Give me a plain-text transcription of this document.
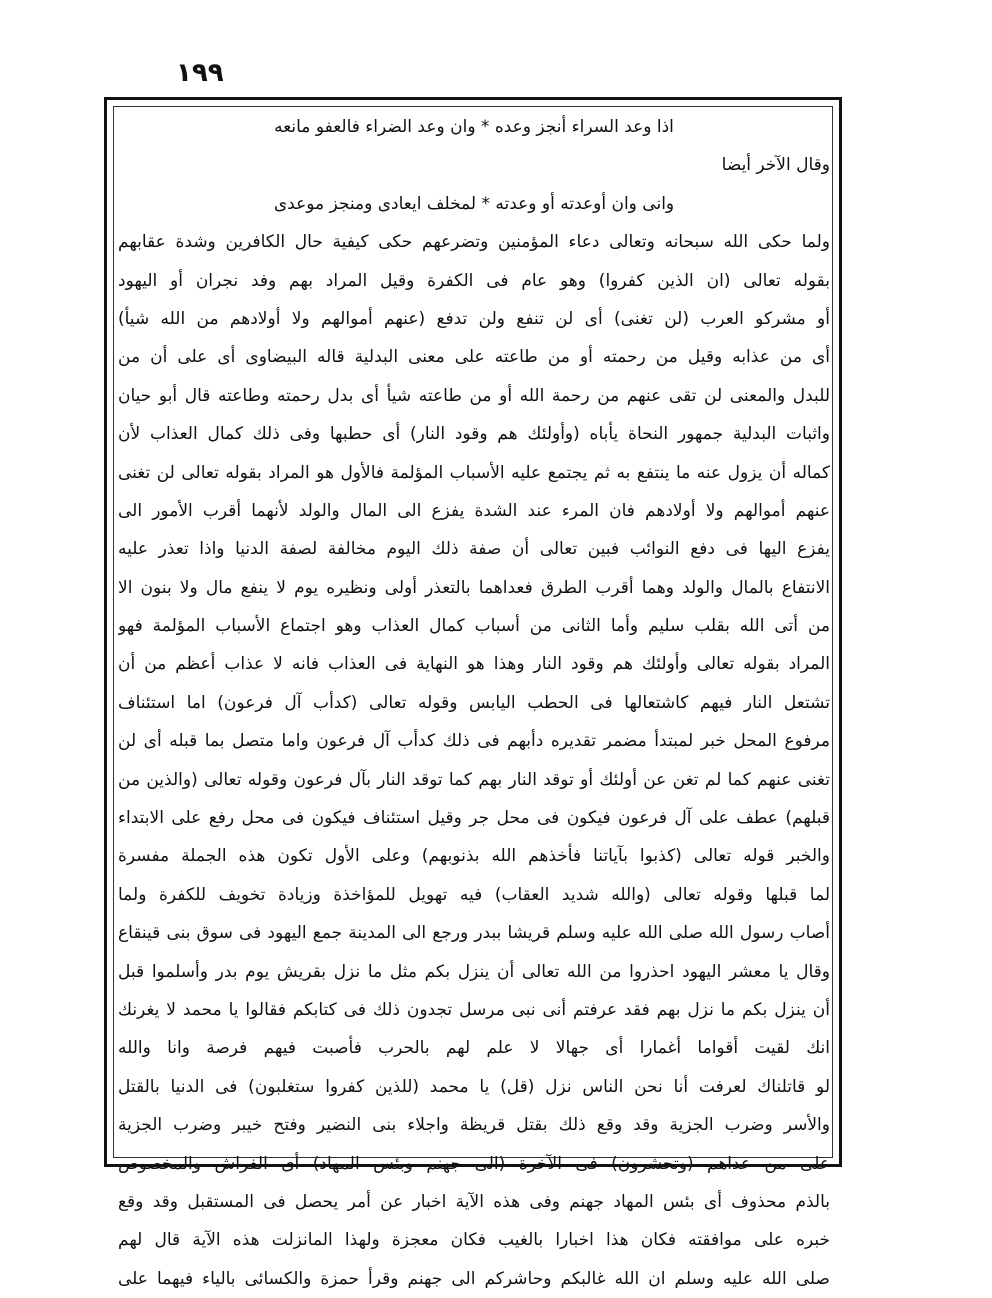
١٩٩
اذا وعد السراء أنجز وعده * وان وعد الضراء فالعفو مانعه
وقال الآخر أيضا
وانى وان أوعدته أو وعدته * لمخلف ايعادى ومنجز موعدى
ولما حكى الله سبحانه وتعالى دعاء المؤمنين وتضرعهم حكى كيفية حال الكافرين وشدة عقابهم
بقوله تعالى (ان الذين كفروا) وهو عام فى الكفرة وقيل المراد بهم وفد نجران أو اليهود
أو مشركو العرب (لن تغنى) أى لن تنفع ولن تدفع (عنهم أموالهم ولا أولادهم من الله شيأ)
أى من عذابه وقيل من رحمته أو من طاعته على معنى البدلية قاله البيضاوى أى على أن من
للبدل والمعنى لن تقى عنهم من رحمة الله أو من طاعته شيأ أى بدل رحمته وطاعته قال أبو حيان
واثبات البدلية جمهور النحاة يأباه (وأولئك هم وقود النار) أى حطبها وفى ذلك كمال العذاب لأن
كماله أن يزول عنه ما ينتفع به ثم يجتمع عليه الأسباب المؤلمة فالأول هو المراد بقوله تعالى لن تغنى
عنهم أموالهم ولا أولادهم فان المرء عند الشدة يفزع الى المال والولد لأنهما أقرب الأمور الى
يفزع اليها فى دفع النوائب فبين تعالى أن صفة ذلك اليوم مخالفة لصفة الدنيا واذا تعذر عليه
الانتفاع بالمال والولد وهما أقرب الطرق فعداهما بالتعذر أولى ونظيره يوم لا ينفع مال ولا بنون الا
من أتى الله بقلب سليم وأما الثانى من أسباب كمال العذاب وهو اجتماع الأسباب المؤلمة فهو
المراد بقوله تعالى وأولئك هم وقود النار وهذا هو النهاية فى العذاب فانه لا عذاب أعظم من أن
تشتعل النار فيهم كاشتعالها فى الحطب اليابس وقوله تعالى (كدأب آل فرعون) اما استئناف
مرفوع المحل خبر لمبتدأ مضمر تقديره دأبهم فى ذلك كدأب آل فرعون واما متصل بما قبله أى لن
تغنى عنهم كما لم تغن عن أولئك أو توقد النار بهم كما توقد النار بآل فرعون وقوله تعالى (والذين من
قبلهم) عطف على آل فرعون فيكون فى محل جر وقيل استئناف فيكون فى محل رفع على الابتداء
والخبر قوله تعالى (كذبوا بآياتنا فأخذهم الله بذنوبهم) وعلى الأول تكون هذه الجملة مفسرة
لما قبلها وقوله تعالى (والله شديد العقاب) فيه تهويل للمؤاخذة وزيادة تخويف للكفرة ولما
أصاب رسول الله صلى الله عليه وسلم قريشا ببدر ورجع الى المدينة جمع اليهود فى سوق بنى قينقاع
وقال يا معشر اليهود احذروا من الله تعالى أن ينزل بكم مثل ما نزل بقريش يوم بدر وأسلموا قبل
أن ينزل بكم ما نزل بهم فقد عرفتم أنى نبى مرسل تجدون ذلك فى كتابكم فقالوا يا محمد لا يغرنك
انك لقيت أقواما أغمارا أى جهالا لا علم لهم بالحرب فأصبت فيهم فرصة وانا والله
لو قاتلناك لعرفت أنا نحن الناس نزل (قل) يا محمد (للذين كفروا ستغلبون) فى الدنيا بالقتل
والأسر وضرب الجزية وقد وقع ذلك بقتل قريظة واجلاء بنى النضير وفتح خيبر وضرب الجزية
على من عداهم (وتحشرون) فى الآخرة (الى جهنم وبئس المهاد) أى الفراش والمخصوص
بالذم محذوف أى بئس المهاد جهنم وفى هذه الآية اخبار عن أمر يحصل فى المستقبل وقد وقع
خبره على موافقته فكان هذا اخبارا بالغيب فكان معجزة ولهذا المانزلت هذه الآية قال لهم
صلى الله عليه وسلم ان الله غالبكم وحاشركم الى جهنم وقرأ حمزة والكسائى بالياء فيهما على
